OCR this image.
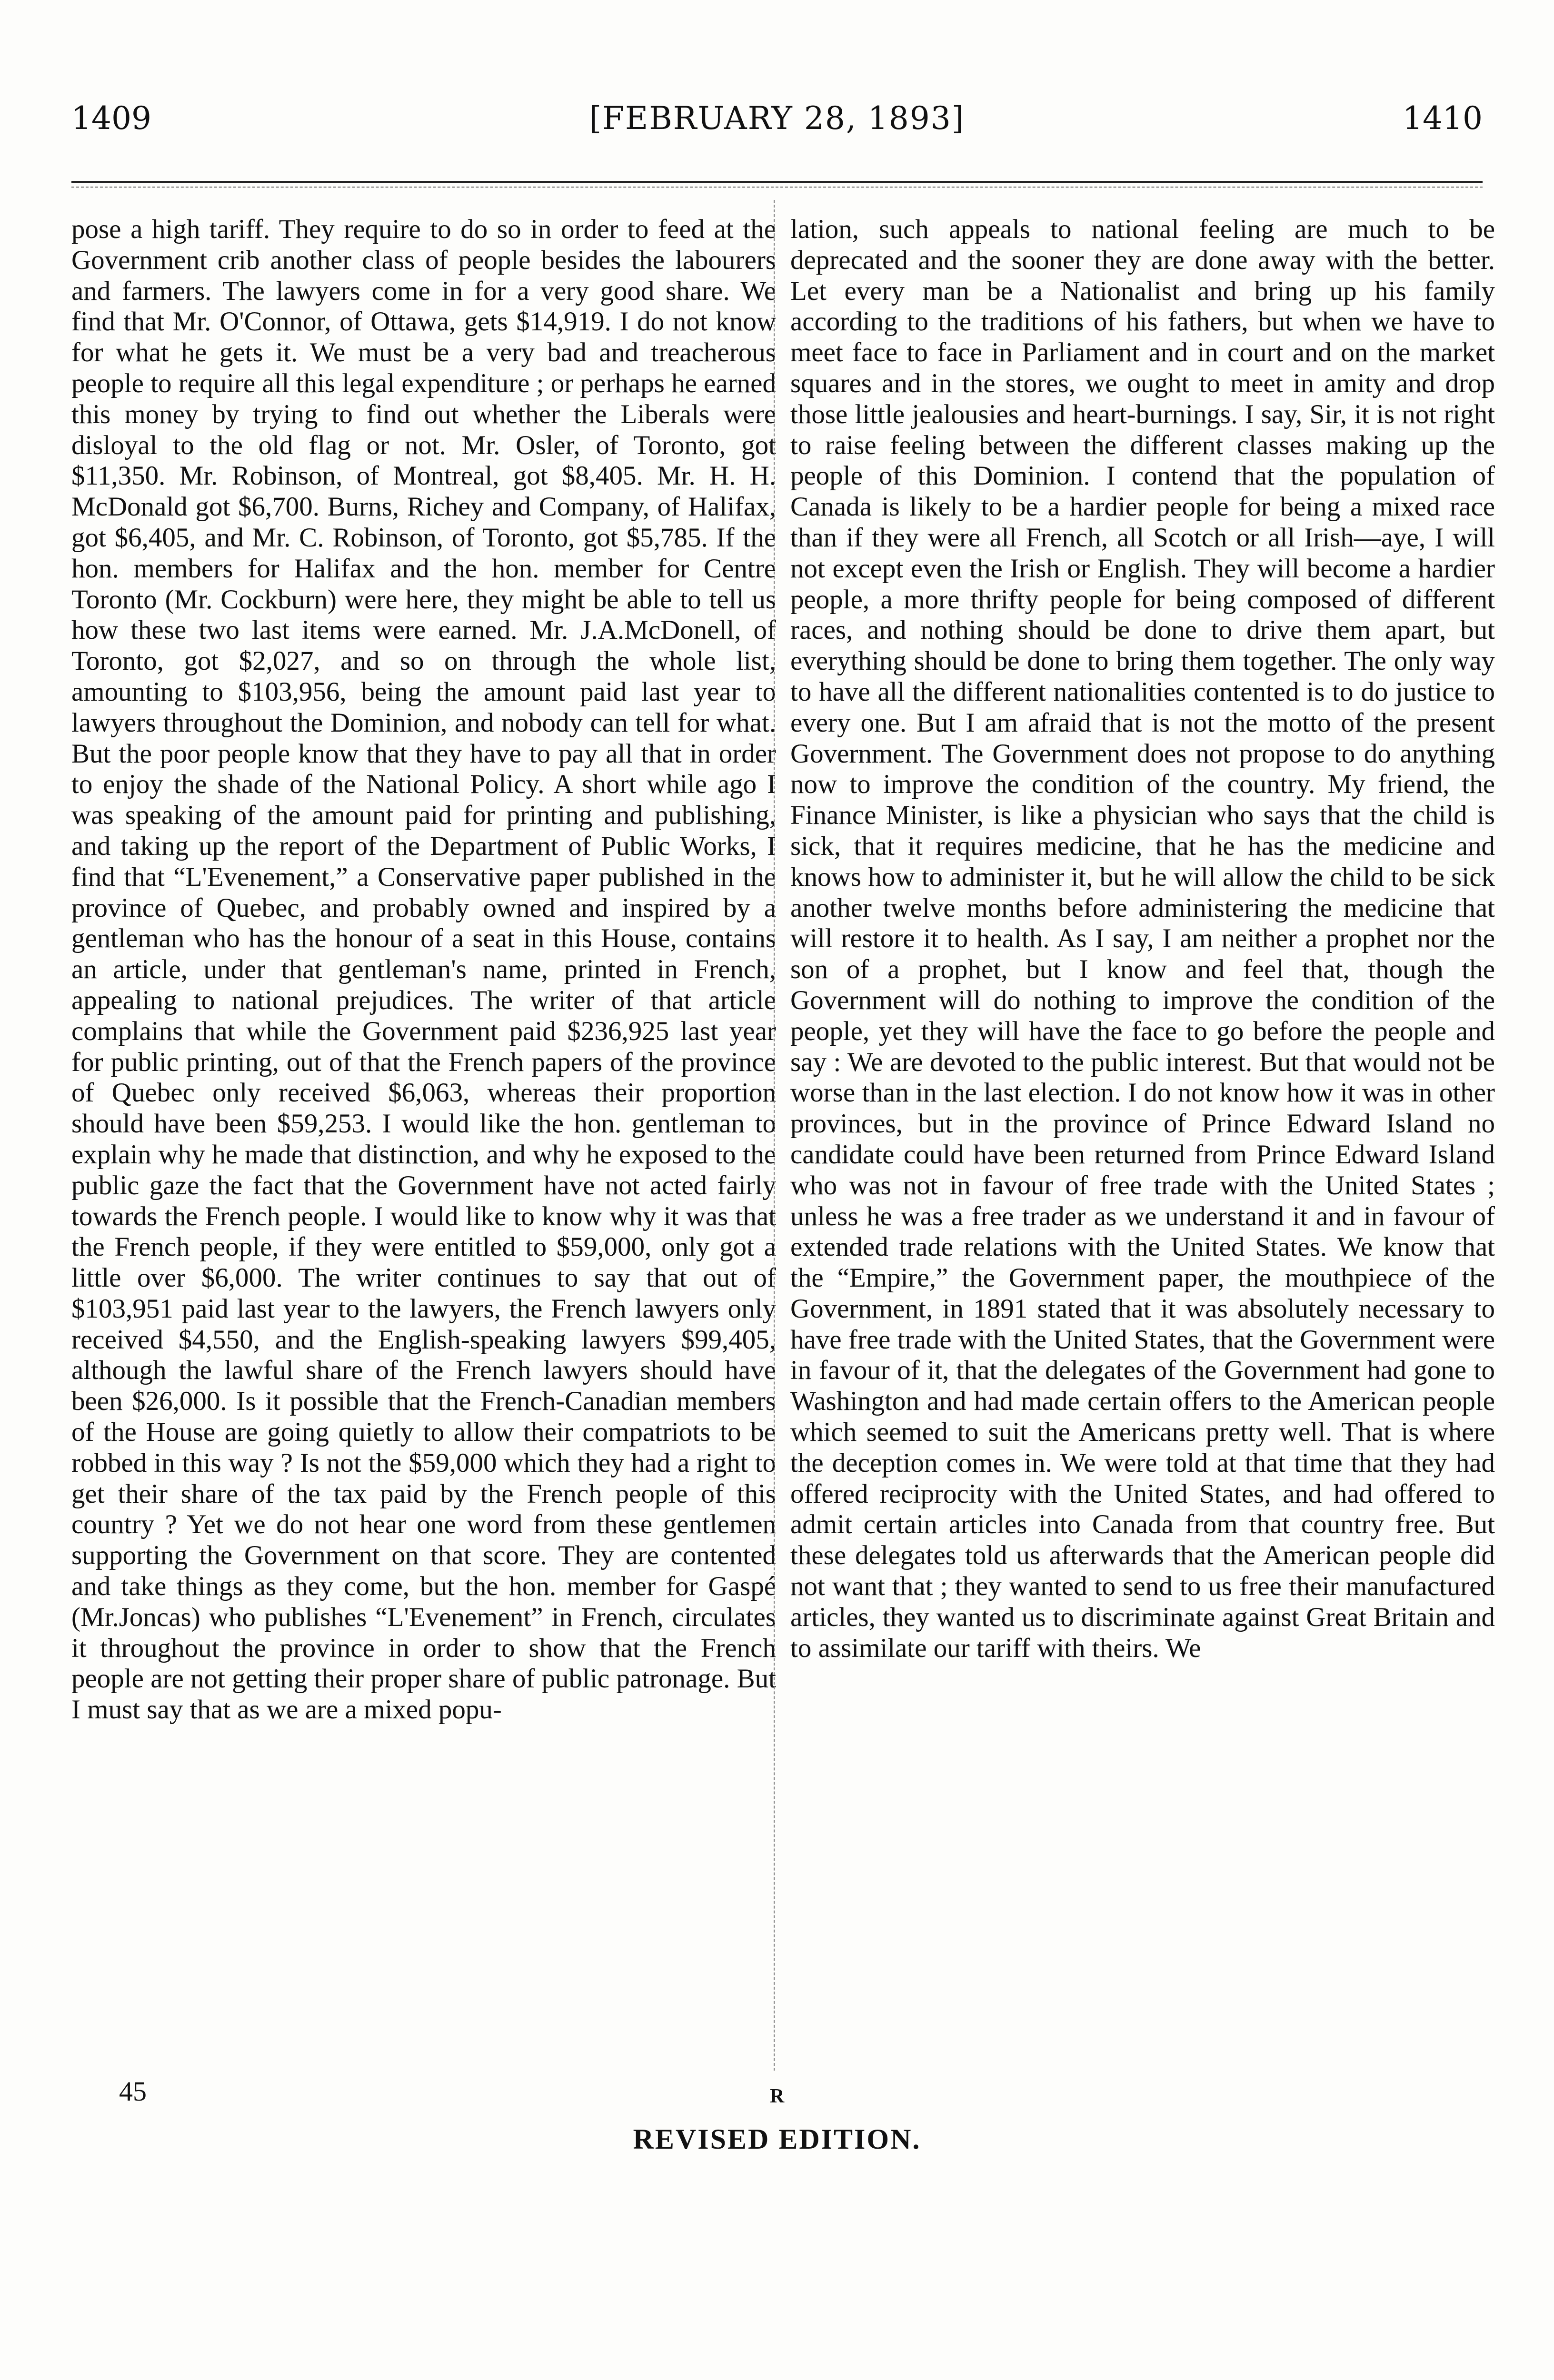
1409	[FEBRUARY 28, 1893]	1410

pose a high tariff. They require to do so in order to feed at the Government crib another class of people besides the labourers and farmers. The lawyers come in for a very good share. We find that Mr. O'Connor, of Ottawa, gets $14,919. I do not know for what he gets it. We must be a very bad and treacherous people to require all this legal expenditure ; or perhaps he earned this money by trying to find out whether the Liberals were disloyal to the old flag or not. Mr. Osler, of Toronto, got $11,350. Mr. Robinson, of Montreal, got $8,405. Mr. H. H. McDonald got $6,700. Burns, Richey and Company, of Halifax, got $6,405, and Mr. C. Robinson, of Toronto, got $5,785. If the hon. members for Halifax and the hon. member for Centre Toronto (Mr. Cockburn) were here, they might be able to tell us how these two last items were earned. Mr. J.A.McDonell, of Toronto, got $2,027, and so on through the whole list, amounting to $103,956, being the amount paid last year to lawyers throughout the Dominion, and nobody can tell for what. But the poor people know that they have to pay all that in order to enjoy the shade of the National Policy. A short while ago I was speaking of the amount paid for printing and publishing, and taking up the report of the Department of Public Works, I find that “L'Evenement,” a Conservative paper published in the province of Quebec, and probably owned and inspired by a gentleman who has the honour of a seat in this House, contains an article, under that gentleman's name, printed in French, appealing to national prejudices. The writer of that article complains that while the Government paid $236,925 last year for public printing, out of that the French papers of the province of Quebec only received $6,063, whereas their proportion should have been $59,253. I would like the hon. gentleman to explain why he made that distinction, and why he exposed to the public gaze the fact that the Government have not acted fairly towards the French people. I would like to know why it was that the French people, if they were entitled to $59,000, only got a little over $6,000. The writer continues to say that out of $103,951 paid last year to the lawyers, the French lawyers only received $4,550, and the English-speaking lawyers $99,405, although the lawful share of the French lawyers should have been $26,000. Is it possible that the French-Canadian members of the House are going quietly to allow their compatriots to be robbed in this way ? Is not the $59,000 which they had a right to get their share of the tax paid by the French people of this country ? Yet we do not hear one word from these gentlemen supporting the Government on that score. They are contented and take things as they come, but the hon. member for Gaspé (Mr.Joncas) who publishes “L'Evenement” in French, circulates it throughout the province in order to show that the French people are not getting their proper share of public patronage. But I must say that as we are a mixed popu-

lation, such appeals to national feeling are much to be deprecated and the sooner they are done away with the better. Let every man be a Nationalist and bring up his family according to the traditions of his fathers, but when we have to meet face to face in Parliament and in court and on the market squares and in the stores, we ought to meet in amity and drop those little jealousies and heart-burnings. I say, Sir, it is not right to raise feeling between the different classes making up the people of this Dominion. I contend that the population of Canada is likely to be a hardier people for being a mixed race than if they were all French, all Scotch or all Irish—aye, I will not except even the Irish or English. They will become a hardier people, a more thrifty people for being composed of different races, and nothing should be done to drive them apart, but everything should be done to bring them together. The only way to have all the different nationalities contented is to do justice to every one. But I am afraid that is not the motto of the present Government. The Government does not propose to do anything now to improve the condition of the country. My friend, the Finance Minister, is like a physician who says that the child is sick, that it requires medicine, that he has the medicine and knows how to administer it, but he will allow the child to be sick another twelve months before administering the medicine that will restore it to health. As I say, I am neither a prophet nor the son of a prophet, but I know and feel that, though the Government will do nothing to improve the condition of the people, yet they will have the face to go before the people and say : We are devoted to the public interest. But that would not be worse than in the last election. I do not know how it was in other provinces, but in the province of Prince Edward Island no candidate could have been returned from Prince Edward Island who was not in favour of free trade with the United States ; unless he was a free trader as we understand it and in favour of extended trade relations with the United States. We know that the “Empire,” the Government paper, the mouthpiece of the Government, in 1891 stated that it was absolutely necessary to have free trade with the United States, that the Government were in favour of it, that the delegates of the Government had gone to Washington and had made certain offers to the American people which seemed to suit the Americans pretty well. That is where the deception comes in. We were told at that time that they had offered reciprocity with the United States, and had offered to admit certain articles into Canada from that country free. But these delegates told us afterwards that the American people did not want that ; they wanted to send to us free their manufactured articles, they wanted us to discriminate against Great Britain and to assimilate our tariff with theirs. We

45	R
REVISED EDITION.
